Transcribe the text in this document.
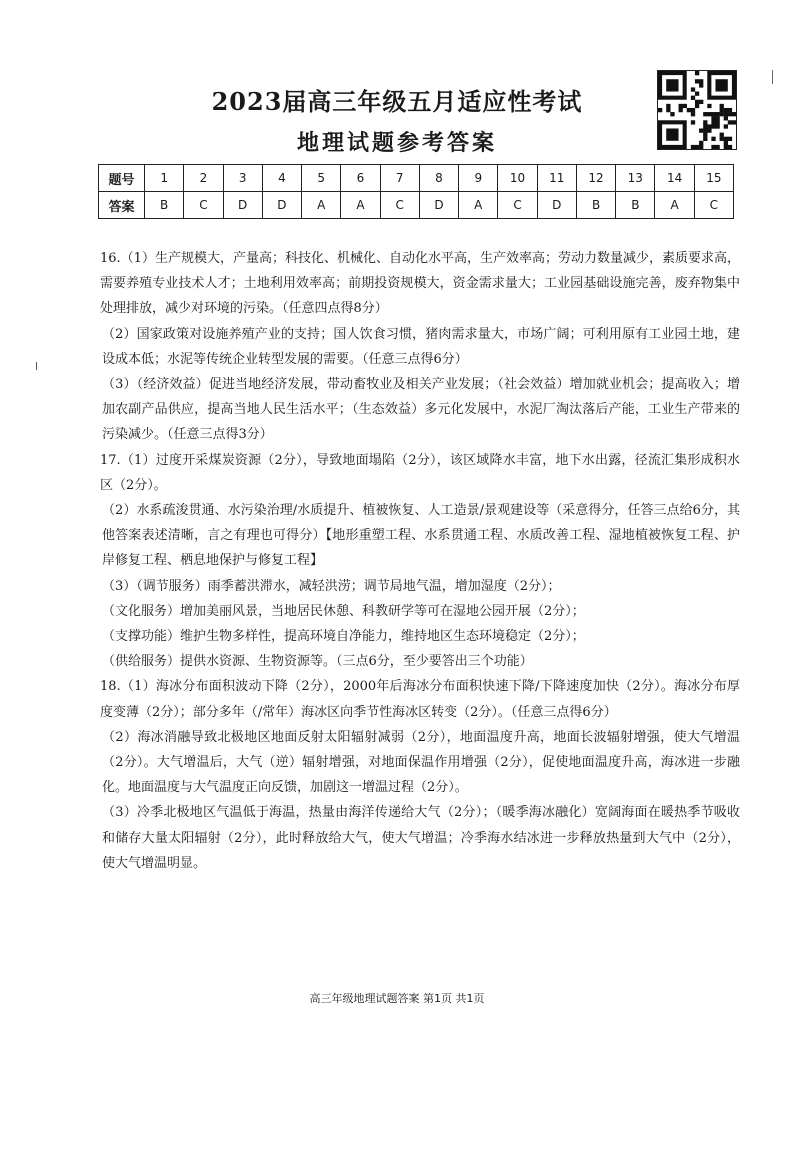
2023届高三年级五月适应性考试
地理试题参考答案
题号	1	2	3	4	5	6	7	8	9	10	11	12	13	14	15
答案	B	C	D	D	A	A	C	D	A	C	D	B	B	A	C

16.（1）生产规模大，产量高；科技化、机械化、自动化水平高，生产效率高；劳动力数量减少，素质要求高，需要养殖专业技术人才；土地利用效率高；前期投资规模大，资金需求量大；工业园基础设施完善，废弃物集中处理排放，减少对环境的污染。（任意四点得8分）

（2）国家政策对设施养殖产业的支持；国人饮食习惯，猪肉需求量大，市场广阔；可利用原有工业园土地，建设成本低；水泥等传统企业转型发展的需要。（任意三点得6分）

（3）（经济效益）促进当地经济发展，带动畜牧业及相关产业发展；（社会效益）增加就业机会；提高收入；增加农副产品供应，提高当地人民生活水平；（生态效益）多元化发展中，水泥厂淘汰落后产能，工业生产带来的污染减少。（任意三点得3分）

17.（1）过度开采煤炭资源（2分），导致地面塌陷（2分），该区域降水丰富，地下水出露，径流汇集形成积水区（2分）。

（2）水系疏浚贯通、水污染治理/水质提升、植被恢复、人工造景/景观建设等（采意得分，任答三点给6分，其他答案表述清晰，言之有理也可得分）【地形重塑工程、水系贯通工程、水质改善工程、湿地植被恢复工程、护岸修复工程、栖息地保护与修复工程】

（3）（调节服务）雨季蓄洪滞水，减轻洪涝；调节局地气温，增加湿度（2分）；

（文化服务）增加美丽风景，当地居民休憩、科教研学等可在湿地公园开展（2分）；

（支撑功能）维护生物多样性，提高环境自净能力，维持地区生态环境稳定（2分）；

（供给服务）提供水资源、生物资源等。（三点6分，至少要答出三个功能）

18.（1）海冰分布面积波动下降（2分），2000年后海冰分布面积快速下降/下降速度加快（2分）。海冰分布厚度变薄（2分）；部分多年（/常年）海冰区向季节性海冰区转变（2分）。（任意三点得6分）

（2）海冰消融导致北极地区地面反射太阳辐射减弱（2分），地面温度升高，地面长波辐射增强，使大气增温（2分）。大气增温后，大气（逆）辐射增强，对地面保温作用增强（2分），促使地面温度升高，海冰进一步融化。地面温度与大气温度正向反馈，加剧这一增温过程（2分）。

（3）冷季北极地区气温低于海温，热量由海洋传递给大气（2分）；（暖季海冰融化）宽阔海面在暖热季节吸收和储存大量太阳辐射（2分），此时释放给大气，使大气增温；冷季海水结冰进一步释放热量到大气中（2分），使大气增温明显。

高三年级地理试题答案 第1页 共1页
